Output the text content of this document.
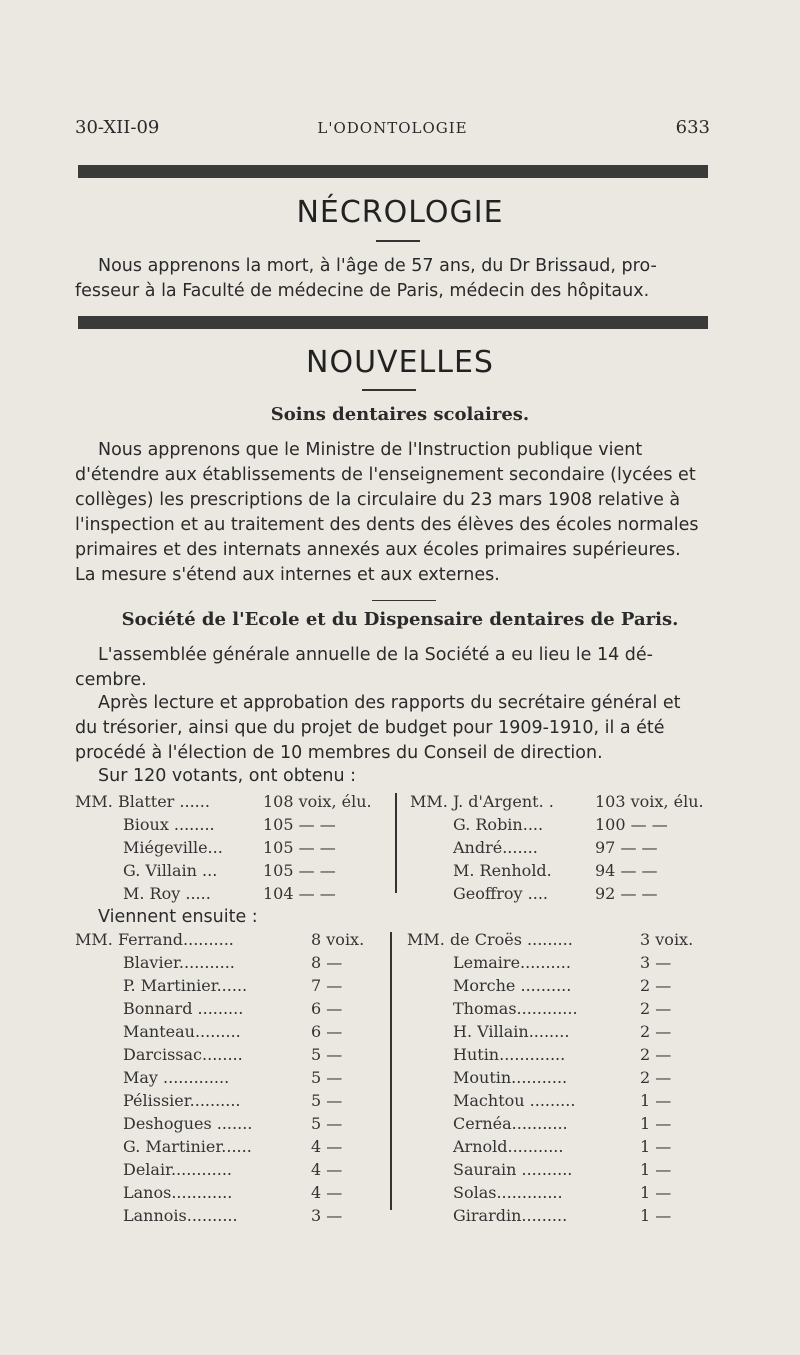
30-XII-09	L'ODONTOLOGIE	633
NÉCROLOGIE
Nous apprenons la mort, à l'âge de 57 ans, du Dr Brissaud, pro-
fesseur à la Faculté de médecine de Paris, médecin des hôpitaux.
NOUVELLES
Soins dentaires scolaires.
Nous apprenons que le Ministre de l'Instruction publique vient
d'étendre aux établissements de l'enseignement secondaire (lycées et
collèges) les prescriptions de la circulaire du 23 mars 1908 relative à
l'inspection et au traitement des dents des élèves des écoles normales
primaires et des internats annexés aux écoles primaires supérieures.
La mesure s'étend aux internes et aux externes.
Société de l'Ecole et du Dispensaire dentaires de Paris.
L'assemblée générale annuelle de la Société a eu lieu le 14 dé-
cembre.
Après lecture et approbation des rapports du secrétaire général et
du trésorier, ainsi que du projet de budget pour 1909-1910, il a été
procédé à l'élection de 10 membres du Conseil de direction.
Sur 120 votants, ont obtenu :
MM. Blatter ......	108 voix, élu.
Bioux ........	105 — —
Miégeville...	105 — —
G. Villain ...	105 — —
M. Roy .....	104 — —
MM. J. d'Argent. .	103 voix, élu.
G. Robin....	100 — —
André.......	97 — —
M. Renhold.	94 — —
Geoffroy ....	92 — —
Viennent ensuite :
MM. Ferrand..........	8 voix.
Blavier...........	8 —
P. Martinier......	7 —
Bonnard .........	6 —
Manteau.........	6 —
Darcissac........	5 —
May .............	5 —
Pélissier..........	5 —
Deshogues .......	5 —
G. Martinier......	4 —
Delair............	4 —
Lanos............	4 —
Lannois..........	3 —
MM. de Croës .........	3 voix.
Lemaire..........	3 —
Morche ..........	2 —
Thomas............	2 —
H. Villain........	2 —
Hutin.............	2 —
Moutin...........	2 —
Machtou .........	1 —
Cernéa...........	1 —
Arnold...........	1 —
Saurain ..........	1 —
Solas.............	1 —
Girardin.........	1 —
